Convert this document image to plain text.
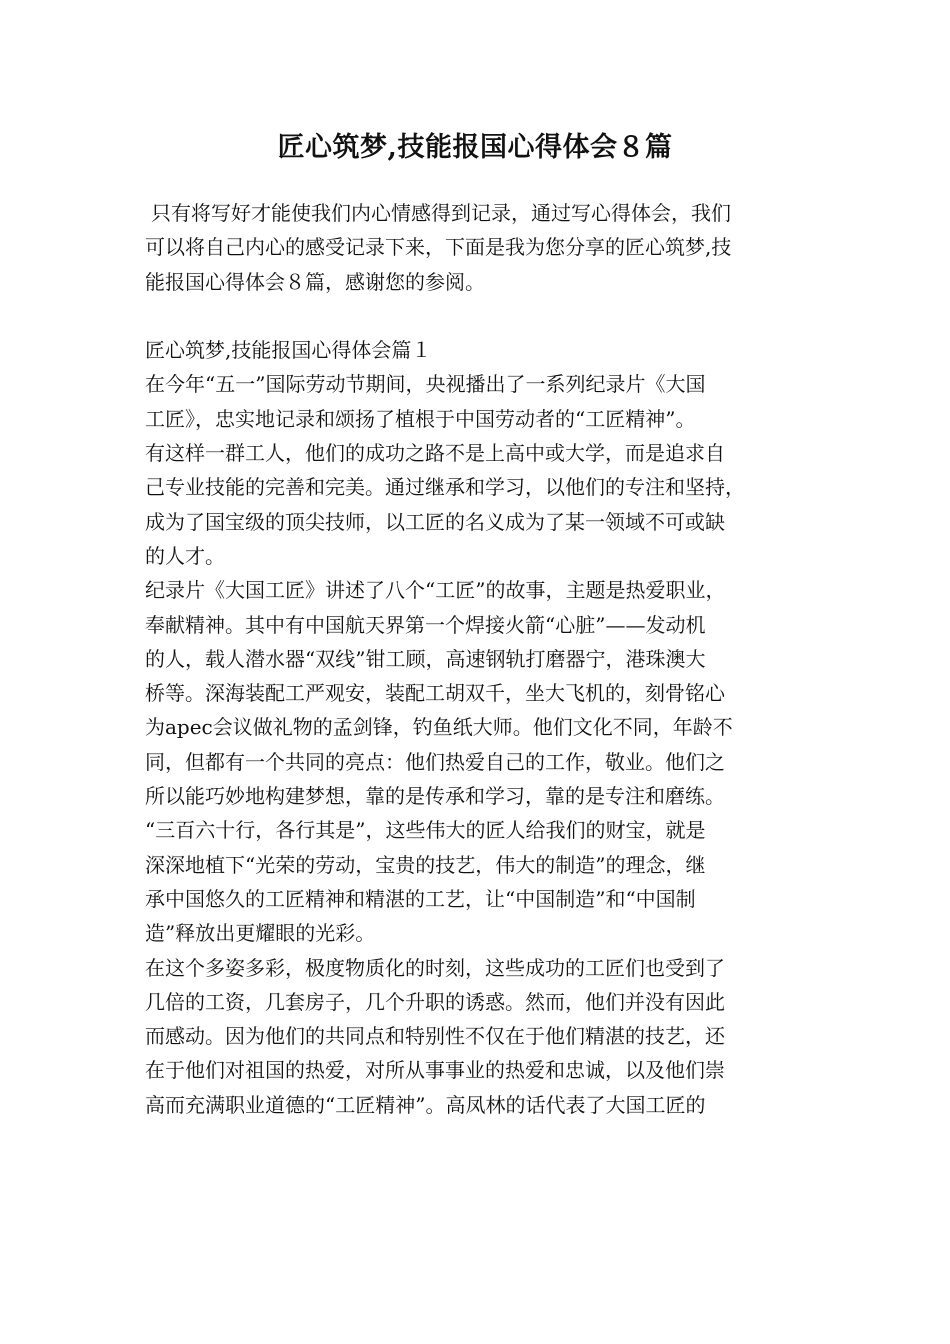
匠心筑梦,技能报国心得体会８篇
只有将写好才能使我们内心情感得到记录，通过写心得体会，我们
可以将自己内心的感受记录下来，下面是我为您分享的匠心筑梦,技
能报国心得体会８篇，感谢您的参阅。
匠心筑梦,技能报国心得体会篇１
在今年“五一”国际劳动节期间，央视播出了一系列纪录片《大国
工匠》，忠实地记录和颂扬了植根于中国劳动者的“工匠精神”。
有这样一群工人，他们的成功之路不是上高中或大学，而是追求自
己专业技能的完善和完美。通过继承和学习，以他们的专注和坚持，
成为了国宝级的顶尖技师，以工匠的名义成为了某一领域不可或缺
的人才。
纪录片《大国工匠》讲述了八个“工匠”的故事，主题是热爱职业，
奉献精神。其中有中国航天界第一个焊接火箭“心脏”——发动机
的人，载人潜水器“双线”钳工顾，高速钢轨打磨器宁，港珠澳大
桥等。深海装配工严观安，装配工胡双千，坐大飞机的，刻骨铭心
为apec会议做礼物的孟剑锋，钓鱼纸大师。他们文化不同，年龄不
同，但都有一个共同的亮点：他们热爱自己的工作，敬业。他们之
所以能巧妙地构建梦想，靠的是传承和学习，靠的是专注和磨练。
“三百六十行，各行其是”，这些伟大的匠人给我们的财宝，就是
深深地植下“光荣的劳动，宝贵的技艺，伟大的制造”的理念，继
承中国悠久的工匠精神和精湛的工艺，让“中国制造”和“中国制
造”释放出更耀眼的光彩。
在这个多姿多彩，极度物质化的时刻，这些成功的工匠们也受到了
几倍的工资，几套房子，几个升职的诱惑。然而，他们并没有因此
而感动。因为他们的共同点和特别性不仅在于他们精湛的技艺，还
在于他们对祖国的热爱，对所从事事业的热爱和忠诚，以及他们崇
高而充满职业道德的“工匠精神”。高凤林的话代表了大国工匠的
